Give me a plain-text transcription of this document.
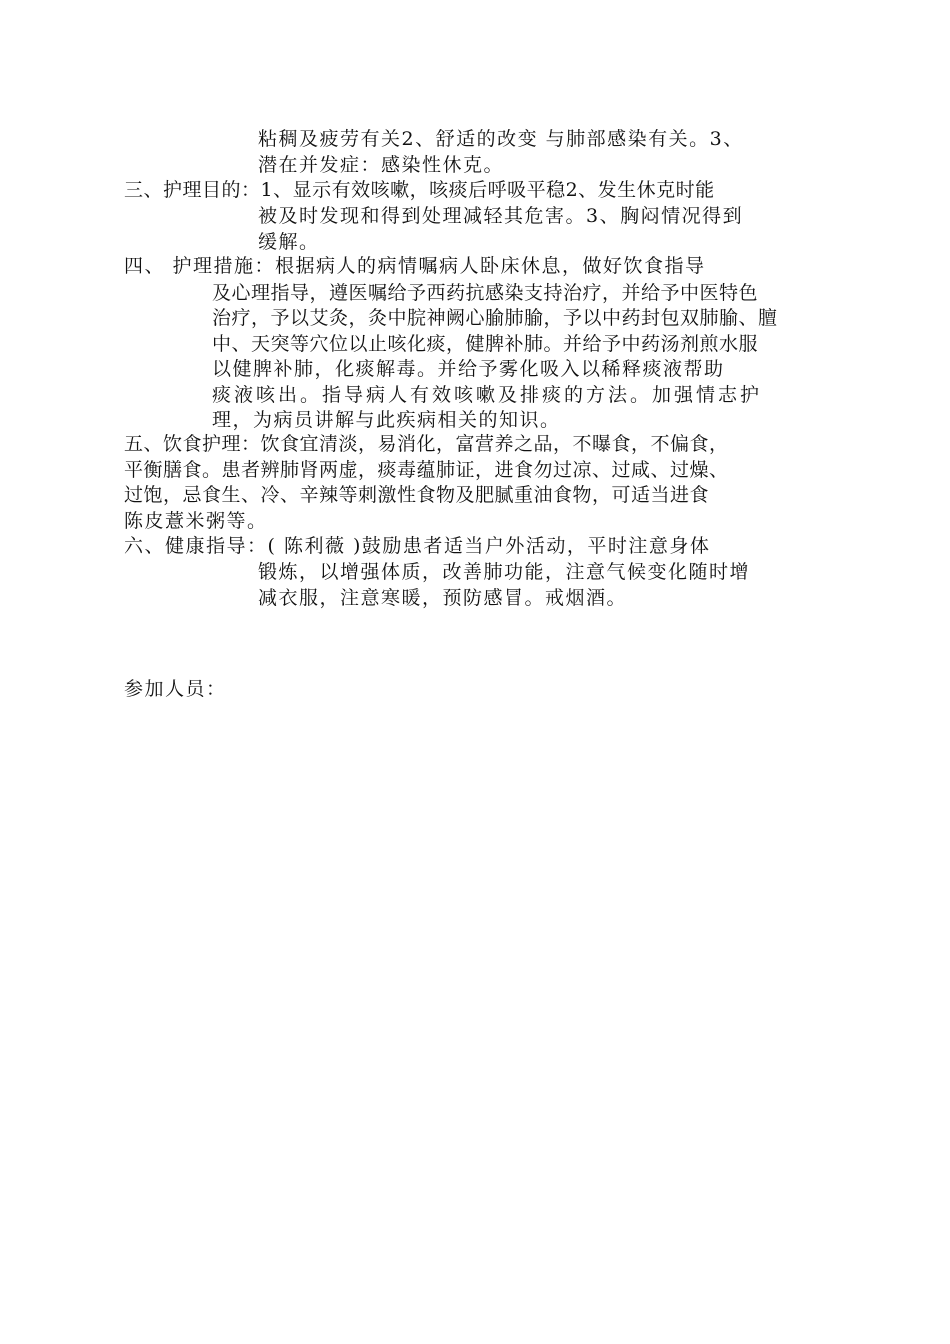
粘稠及疲劳有关2、舒适的改变 与肺部感染有关。3、
潜在并发症：感染性休克。
三、护理目的：1、显示有效咳嗽，咳痰后呼吸平稳2、发生休克时能
被及时发现和得到处理减轻其危害。3、胸闷情况得到
缓解。
四、 护理措施：根据病人的病情嘱病人卧床休息，做好饮食指导
及心理指导，遵医嘱给予西药抗感染支持治疗，并给予中医特色
治疗，予以艾灸，灸中脘神阙心腧肺腧，予以中药封包双肺腧、膻
中、天突等穴位以止咳化痰，健脾补肺。并给予中药汤剂煎水服
以健脾补肺，化痰解毒。并给予雾化吸入以稀释痰液帮助
痰液咳出。指导病人有效咳嗽及排痰的方法。加强情志护
理，为病员讲解与此疾病相关的知识。
五、饮食护理：饮食宜清淡，易消化，富营养之品，不曝食，不偏食，
平衡膳食。患者辨肺肾两虚，痰毒蕴肺证，进食勿过凉、过咸、过燥、
过饱，忌食生、冷、辛辣等刺激性食物及肥腻重油食物，可适当进食
陈皮薏米粥等。
六、健康指导：( 陈利薇 )鼓励患者适当户外活动，平时注意身体
锻炼，以增强体质，改善肺功能，注意气候变化随时增
减衣服，注意寒暖，预防感冒。戒烟酒。
参加人员：
